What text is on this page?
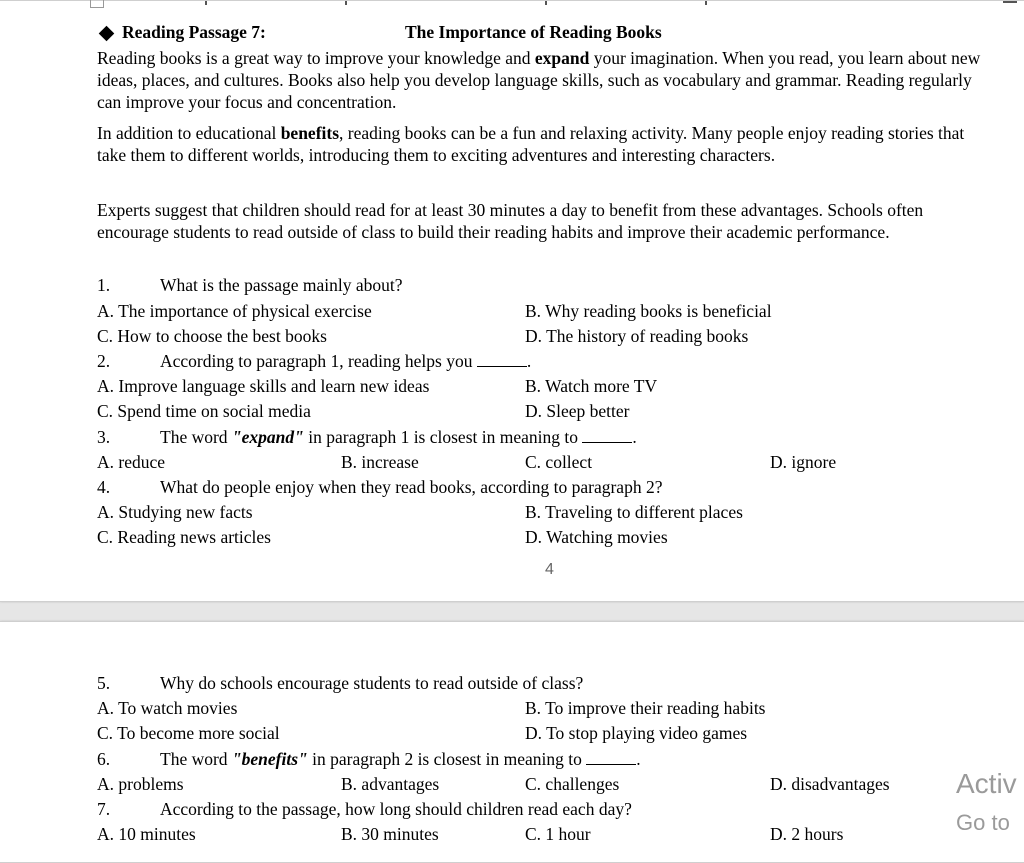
Reading Passage 7:	The Importance of Reading Books
Reading books is a great way to improve your knowledge and expand your imagination. When you read, you learn about new ideas, places, and cultures. Books also help you develop language skills, such as vocabulary and grammar. Reading regularly can improve your focus and concentration.
In addition to educational benefits, reading books can be a fun and relaxing activity. Many people enjoy reading stories that take them to different worlds, introducing them to exciting adventures and interesting characters.
Experts suggest that children should read for at least 30 minutes a day to benefit from these advantages. Schools often encourage students to read outside of class to build their reading habits and improve their academic performance.
1.	What is the passage mainly about?
A. The importance of physical exercise	B. Why reading books is beneficial
C. How to choose the best books	D. The history of reading books
2.	According to paragraph 1, reading helps you	.
A. Improve language skills and learn new ideas	B. Watch more TV
C. Spend time on social media	D. Sleep better
3.	The word "expand" in paragraph 1 is closest in meaning to	.
A. reduce	B. increase	C. collect	D. ignore
4.	What do people enjoy when they read books, according to paragraph 2?
A. Studying new facts	B. Traveling to different places
C. Reading news articles	D. Watching movies
4
5.	Why do schools encourage students to read outside of class?
A. To watch movies	B. To improve their reading habits
C. To become more social	D. To stop playing video games
6.	The word "benefits" in paragraph 2 is closest in meaning to	.
A. problems	B. advantages	C. challenges	D. disadvantages
7.	According to the passage, how long should children read each day?
A. 10 minutes	B. 30 minutes	C. 1 hour	D. 2 hours
Activ
Go to
